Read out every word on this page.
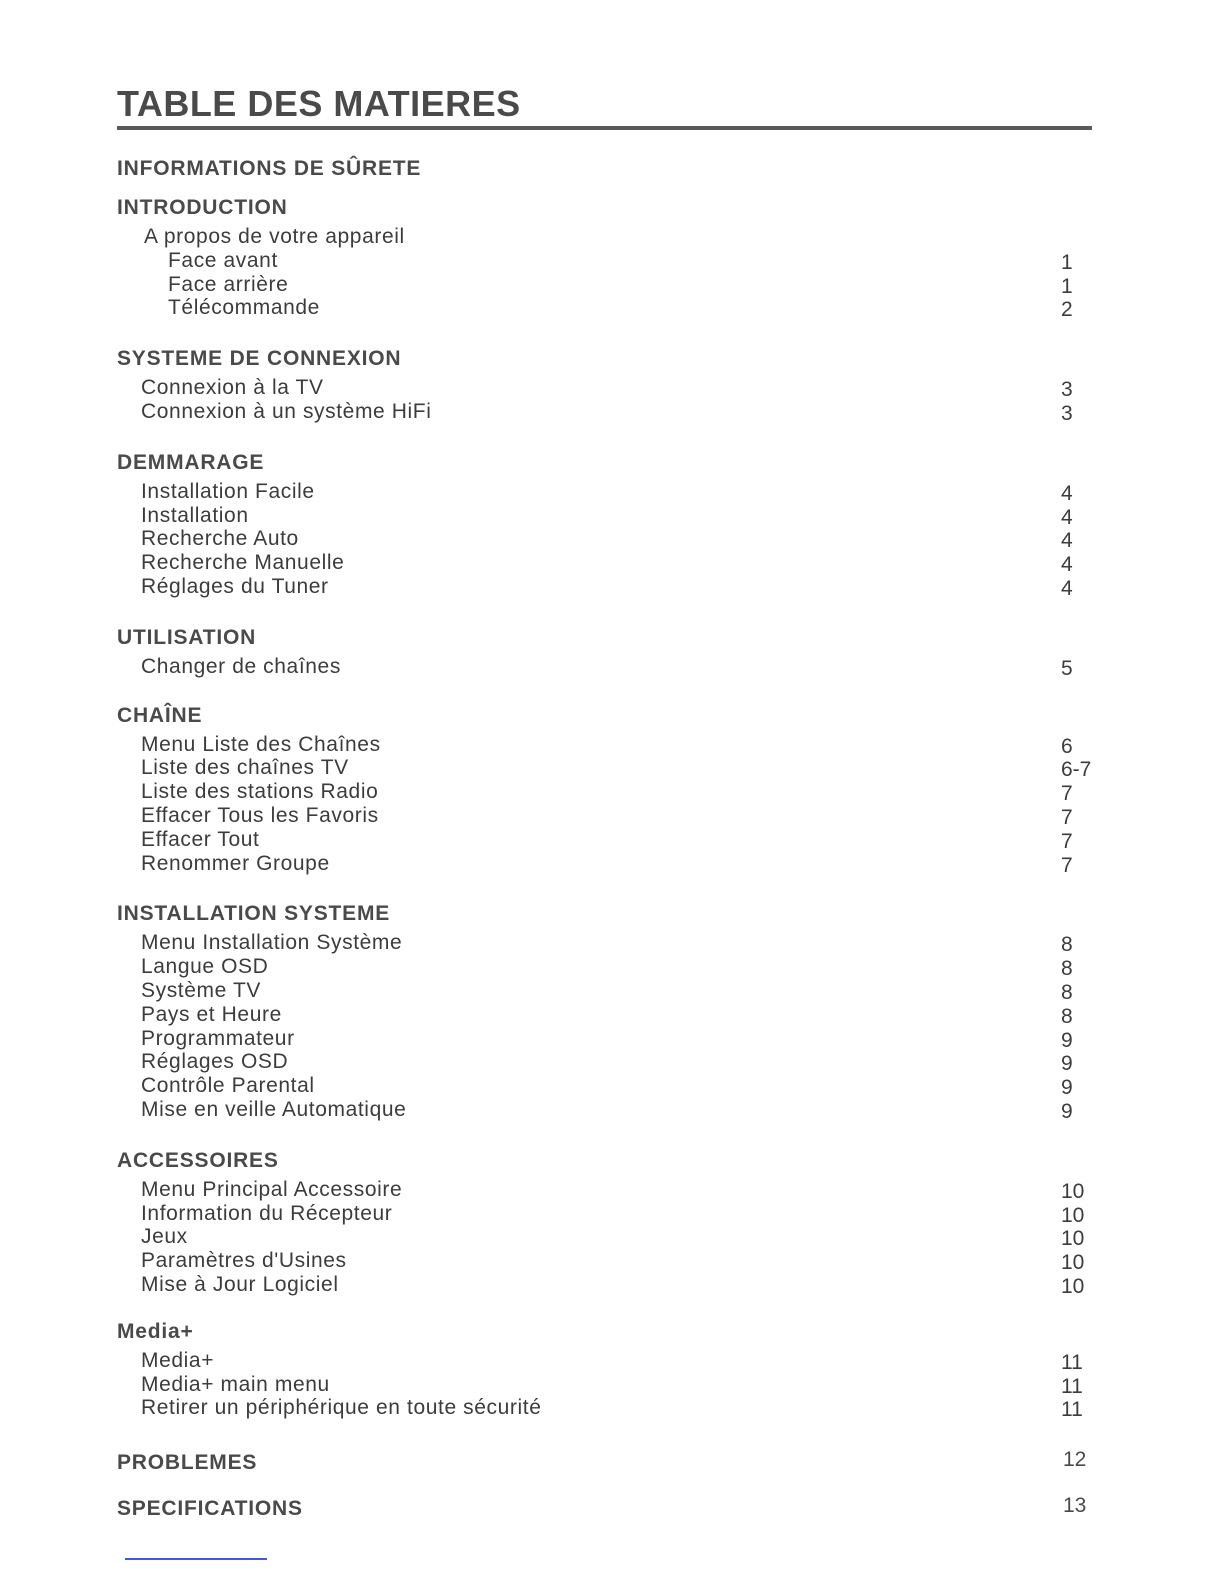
TABLE DES MATIERES
INFORMATIONS DE SÛRETE
INTRODUCTION
A propos de votre appareil
Face avant	1
Face arrière	1
Télécommande	2
SYSTEME DE CONNEXION
Connexion à la TV	3
Connexion à un système HiFi	3
DEMMARAGE
Installation Facile	4
Installation	4
Recherche Auto	4
Recherche Manuelle	4
Réglages du Tuner	4
UTILISATION
Changer de chaînes	5
CHAÎNE
Menu Liste des Chaînes	6
Liste des chaînes TV	6-7
Liste des stations Radio	7
Effacer Tous les Favoris	7
Effacer Tout	7
Renommer Groupe	7
INSTALLATION SYSTEME
Menu Installation Système	8
Langue OSD	8
Système TV	8
Pays et Heure	8
Programmateur	9
Réglages OSD	9
Contrôle Parental	9
Mise en veille Automatique	9
ACCESSOIRES
Menu Principal Accessoire	10
Information du Récepteur	10
Jeux	10
Paramètres d'Usines	10
Mise à Jour Logiciel	10
Media+
Media+	11
Media+ main menu	11
Retirer un périphérique en toute sécurité	11
PROBLEMES	12
SPECIFICATIONS	13
